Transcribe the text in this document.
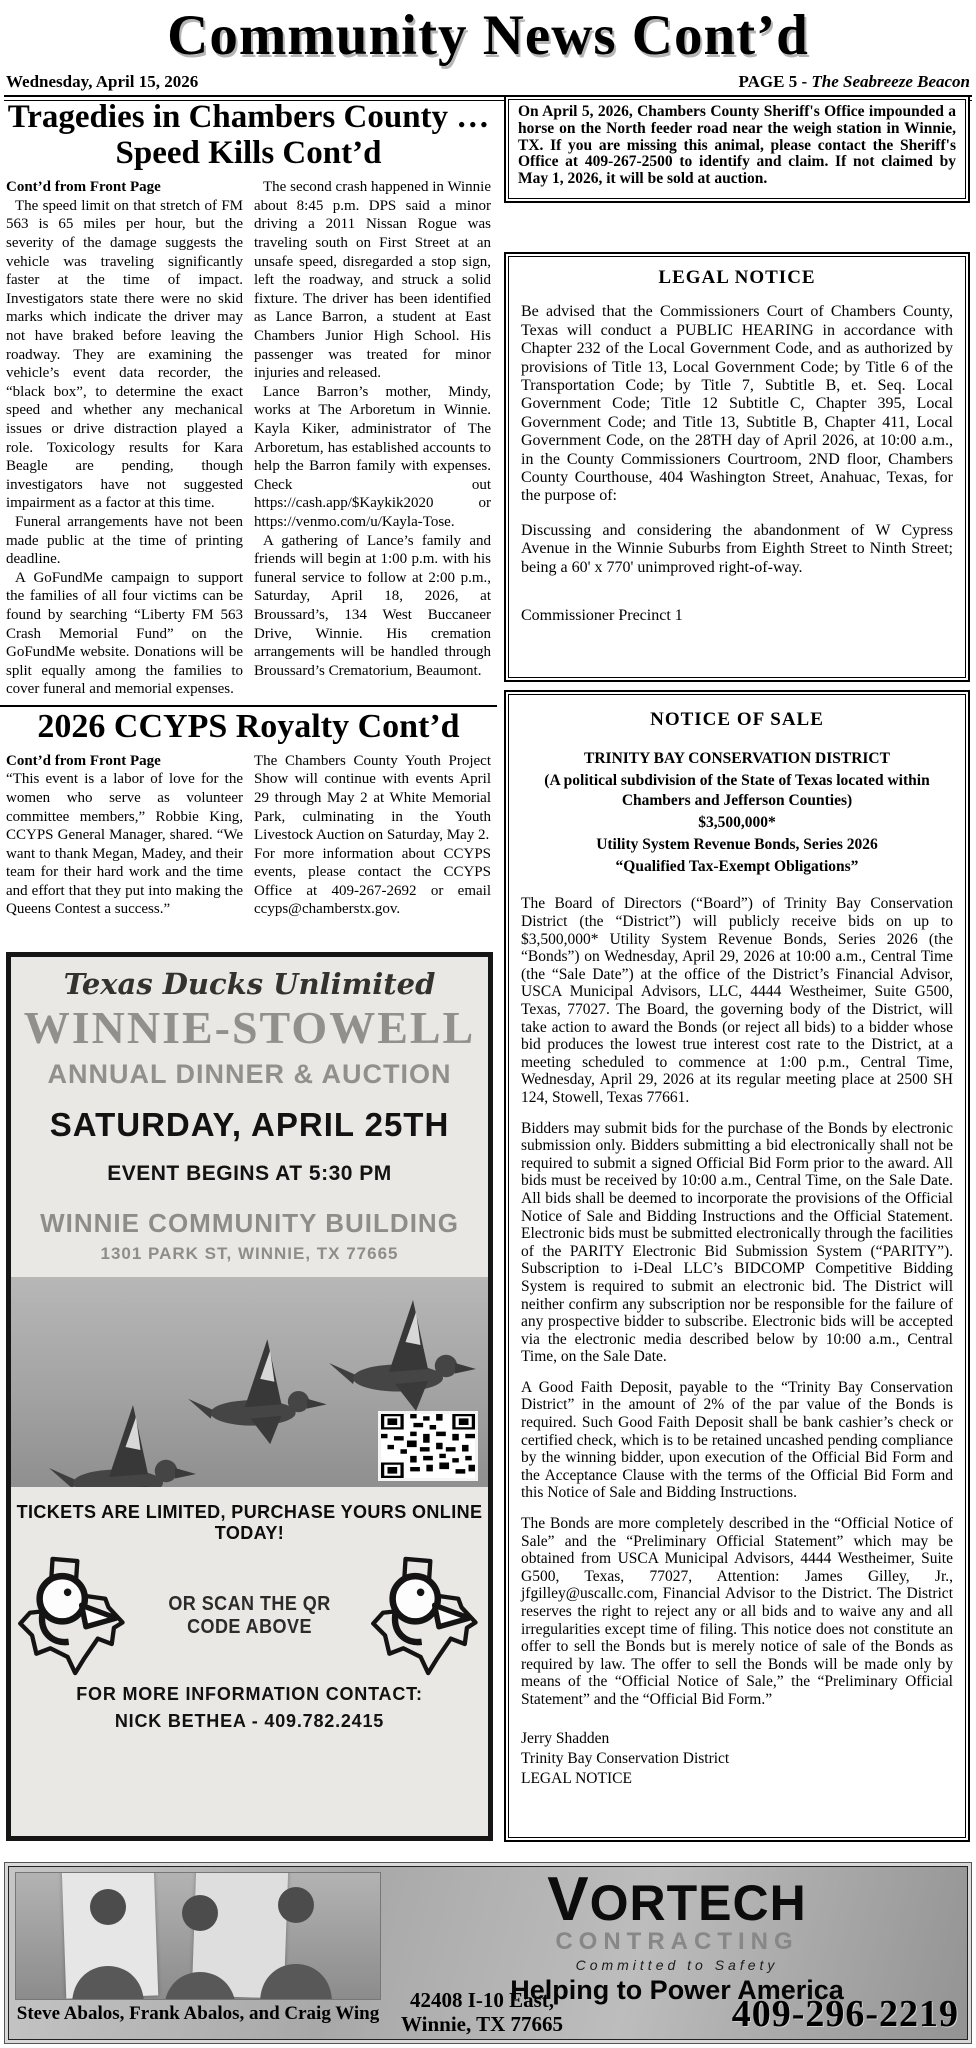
Community News Cont’d
Wednesday, April 15, 2026	PAGE 5 - The Seabreeze Beacon
Tragedies in Chambers County …
Speed Kills Cont’d
Cont’d from Front Page

The speed limit on that stretch of FM 563 is 65 miles per hour, but the severity of the damage suggests the vehicle was traveling significantly faster at the time of impact. Investigators state there were no skid marks which indicate the driver may not have braked before leaving the roadway. They are examining the vehicle’s event data recorder, the “black box”, to determine the exact speed and whether any mechanical issues or drive distraction played a role. Toxicology results for Kara Beagle are pending, though investigators have not suggested impairment as a factor at this time.

Funeral arrangements have not been made public at the time of printing deadline.

A GoFundMe campaign to support the families of all four victims can be found by searching “Liberty FM 563 Crash Memorial Fund” on the GoFundMe website. Donations will be split equally among the families to cover funeral and memorial expenses.

The second crash happened in Winnie about 8:45 p.m. DPS said a minor driving a 2011 Nissan Rogue was traveling south on First Street at an unsafe speed, disregarded a stop sign, left the roadway, and struck a solid fixture. The driver has been identified as Lance Barron, a student at East Chambers Junior High School. His passenger was treated for minor injuries and released.

Lance Barron’s mother, Mindy, works at The Arboretum in Winnie. Kayla Kiker, administrator of The Arboretum, has established accounts to help the Barron family with expenses. Check out https://cash.app/$Kaykik2020 or https://venmo.com/u/Kayla-Tose.

A gathering of Lance’s family and friends will begin at 1:00 p.m. with his funeral service to follow at 2:00 p.m., Saturday, April 18, 2026, at Broussard’s, 134 West Buccaneer Drive, Winnie. His cremation arrangements will be handled through Broussard’s Crematorium, Beaumont.

On April 5, 2026, Chambers County Sheriff's Office impounded a horse on the North feeder road near the weigh station in Winnie, TX. If you are missing this animal, please contact the Sheriff's Office at 409-267-2500 to identify and claim. If not claimed by May 1, 2026, it will be sold at auction.
LEGAL NOTICE

Be advised that the Commissioners Court of Chambers County, Texas will conduct a PUBLIC HEARING in accordance with Chapter 232 of the Local Government Code, and as authorized by provisions of Title 13, Local Government Code; by Title 6 of the Transportation Code; by Title 7, Subtitle B, et. Seq. Local Government Code; Title 12 Subtitle C, Chapter 395, Local Government Code; and Title 13, Subtitle B, Chapter 411, Local Government Code, on the 28TH day of April 2026, at 10:00 a.m., in the County Commissioners Courtroom, 2ND floor, Chambers County Courthouse, 404 Washington Street, Anahuac, Texas, for the purpose of:

Discussing and considering the abandonment of W Cypress Avenue in the Winnie Suburbs from Eighth Street to Ninth Street; being a 60' x 770' unimproved right-of-way.

Commissioner Precinct 1
2026 CCYPS Royalty Cont’d
Cont’d from Front Page

“This event is a labor of love for the women who serve as volunteer committee members,” Robbie King, CCYPS General Manager, shared. “We want to thank Megan, Madey, and their team for their hard work and the time and effort that they put into making the Queens Contest a success.”

The Chambers County Youth Project Show will continue with events April 29 through May 2 at White Memorial Park, culminating in the Youth Livestock Auction on Saturday, May 2.

For more information about CCYPS events, please contact the CCYPS Office at 409-267-2692 or email ccyps@chamberstx.gov.

NOTICE OF SALE
TRINITY BAY CONSERVATION DISTRICT
(A political subdivision of the State of Texas located within Chambers and Jefferson Counties)
$3,500,000*
Utility System Revenue Bonds, Series 2026
“Qualified Tax-Exempt Obligations”

The Board of Directors (“Board”) of Trinity Bay Conservation District (the “District”) will publicly receive bids on up to $3,500,000* Utility System Revenue Bonds, Series 2026 (the “Bonds”) on Wednesday, April 29, 2026 at 10:00 a.m., Central Time (the “Sale Date”) at the office of the District’s Financial Advisor, USCA Municipal Advisors, LLC, 4444 Westheimer, Suite G500, Texas, 77027. The Board, the governing body of the District, will take action to award the Bonds (or reject all bids) to a bidder whose bid produces the lowest true interest cost rate to the District, at a meeting scheduled to commence at 1:00 p.m., Central Time, Wednesday, April 29, 2026 at its regular meeting place at 2500 SH 124, Stowell, Texas 77661.

Bidders may submit bids for the purchase of the Bonds by electronic submission only. Bidders submitting a bid electronically shall not be required to submit a signed Official Bid Form prior to the award. All bids must be received by 10:00 a.m., Central Time, on the Sale Date. All bids shall be deemed to incorporate the provisions of the Official Notice of Sale and Bidding Instructions and the Official Statement. Electronic bids must be submitted electronically through the facilities of the PARITY Electronic Bid Submission System (“PARITY”). Subscription to i-Deal LLC’s BIDCOMP Competitive Bidding System is required to submit an electronic bid. The District will neither confirm any subscription nor be responsible for the failure of any prospective bidder to subscribe. Electronic bids will be accepted via the electronic media described below by 10:00 a.m., Central Time, on the Sale Date.

A Good Faith Deposit, payable to the “Trinity Bay Conservation District” in the amount of 2% of the par value of the Bonds is required. Such Good Faith Deposit shall be bank cashier’s check or certified check, which is to be retained uncashed pending compliance by the winning bidder, upon execution of the Official Bid Form and the Acceptance Clause with the terms of the Official Bid Form and this Notice of Sale and Bidding Instructions.

The Bonds are more completely described in the “Official Notice of Sale” and the “Preliminary Official Statement” which may be obtained from USCA Municipal Advisors, 4444 Westheimer, Suite G500, Texas, 77027, Attention: James Gilley, Jr., jfgilley@uscallc.com, Financial Advisor to the District. The District reserves the right to reject any or all bids and to waive any and all irregularities except time of filing. This notice does not constitute an offer to sell the Bonds but is merely notice of sale of the Bonds as required by law. The offer to sell the Bonds will be made only by means of the “Official Notice of Sale,” the “Preliminary Official Statement” and the “Official Bid Form.”

Jerry Shadden
Trinity Bay Conservation District
LEGAL NOTICE
Texas Ducks Unlimited
WINNIE-STOWELL
ANNUAL DINNER & AUCTION
SATURDAY, APRIL 25TH
EVENT BEGINS AT 5:30 PM
WINNIE COMMUNITY BUILDING
1301 PARK ST, WINNIE, TX 77665
TICKETS ARE LIMITED, PURCHASE YOURS ONLINE TODAY!
OR SCAN THE QR CODE ABOVE
FOR MORE INFORMATION CONTACT:
NICK BETHEA - 409.782.2415
Steve Abalos, Frank Abalos, and Craig Wing
VORTECH
CONTRACTING
Committed to Safety
Helping to Power America
42408 I-10 East,
Winnie, TX 77665	409-296-2219
